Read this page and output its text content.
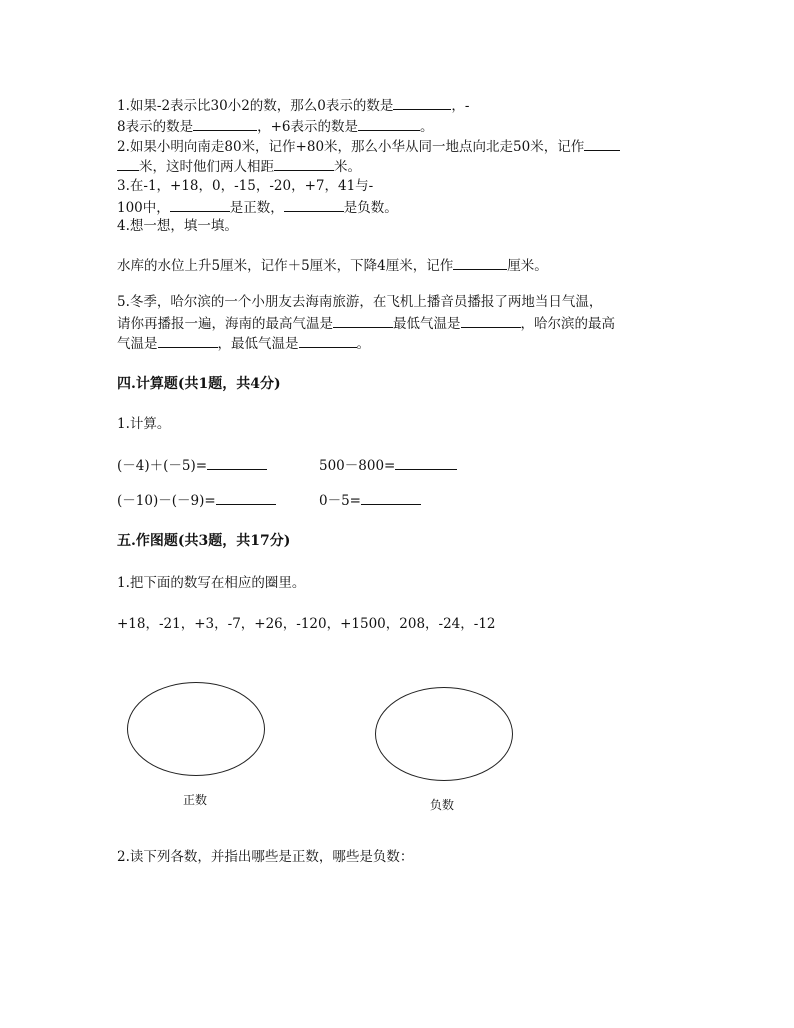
1.如果-2表示比30小2的数，那么0表示的数是	，-
8表示的数是	，+6表示的数是	。
2.如果小明向南走80米，记作+80米，那么小华从同一地点向北走50米，记作
米，这时他们两人相距	米。
3.在-1，+18，0，-15，-20，+7，41与-
100中，	是正数，	是负数。
4.想一想，填一填。
水库的水位上升5厘米，记作＋5厘米，下降4厘米，记作	厘米。
5.冬季，哈尔滨的一个小朋友去海南旅游，在飞机上播音员播报了两地当日气温，
请你再播报一遍，海南的最高气温是	最低气温是	，哈尔滨的最高
气温是	，最低气温是	。
四.计算题(共1题，共4分)
1.计算。
(－4)＋(－5)=	500－800=
(－10)－(－9)=	0－5=
五.作图题(共3题，共17分)
1.把下面的数写在相应的圈里。
+18，-21，+3，-7，+26，-120，+1500，208，-24，-12
正数	负数
2.读下列各数，并指出哪些是正数，哪些是负数：
